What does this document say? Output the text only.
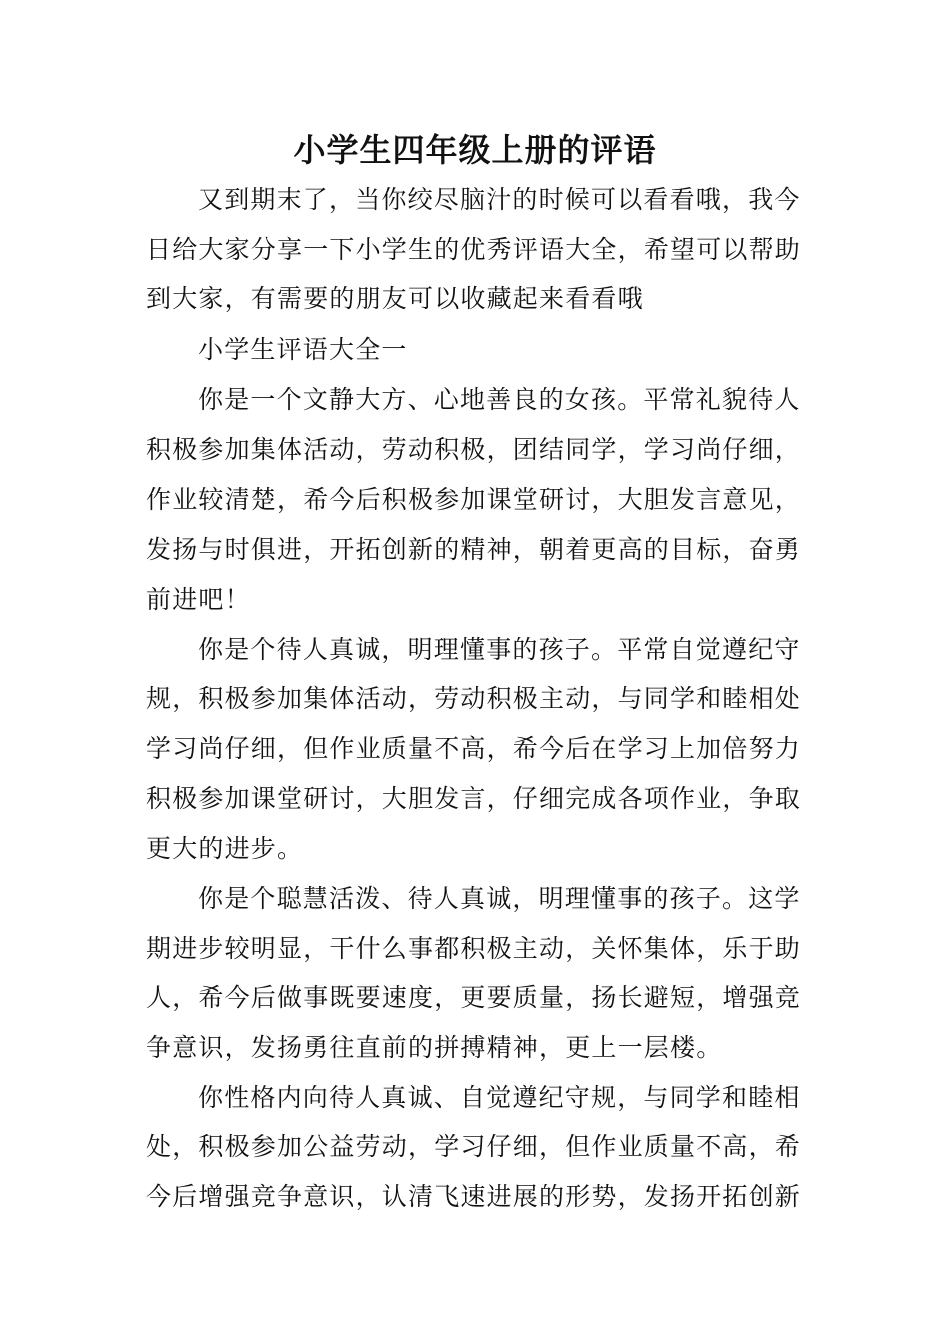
小学生四年级上册的评语
又到期末了，当你绞尽脑汁的时候可以看看哦，我今
日给大家分享一下小学生的优秀评语大全，希望可以帮助
到大家，有需要的朋友可以收藏起来看看哦
小学生评语大全一
你是一个文静大方、心地善良的女孩。平常礼貌待人
积极参加集体活动，劳动积极，团结同学，学习尚仔细，
作业较清楚，希今后积极参加课堂研讨，大胆发言意见，
发扬与时俱进，开拓创新的精神，朝着更高的目标，奋勇
前进吧！
你是个待人真诚，明理懂事的孩子。平常自觉遵纪守
规，积极参加集体活动，劳动积极主动，与同学和睦相处
学习尚仔细，但作业质量不高，希今后在学习上加倍努力
积极参加课堂研讨，大胆发言，仔细完成各项作业，争取
更大的进步。
你是个聪慧活泼、待人真诚，明理懂事的孩子。这学
期进步较明显，干什么事都积极主动，关怀集体，乐于助
人，希今后做事既要速度，更要质量，扬长避短，增强竞
争意识，发扬勇往直前的拼搏精神，更上一层楼。
你性格内向待人真诚、自觉遵纪守规，与同学和睦相
处，积极参加公益劳动，学习仔细，但作业质量不高，希
今后增强竞争意识，认清飞速进展的形势，发扬开拓创新
